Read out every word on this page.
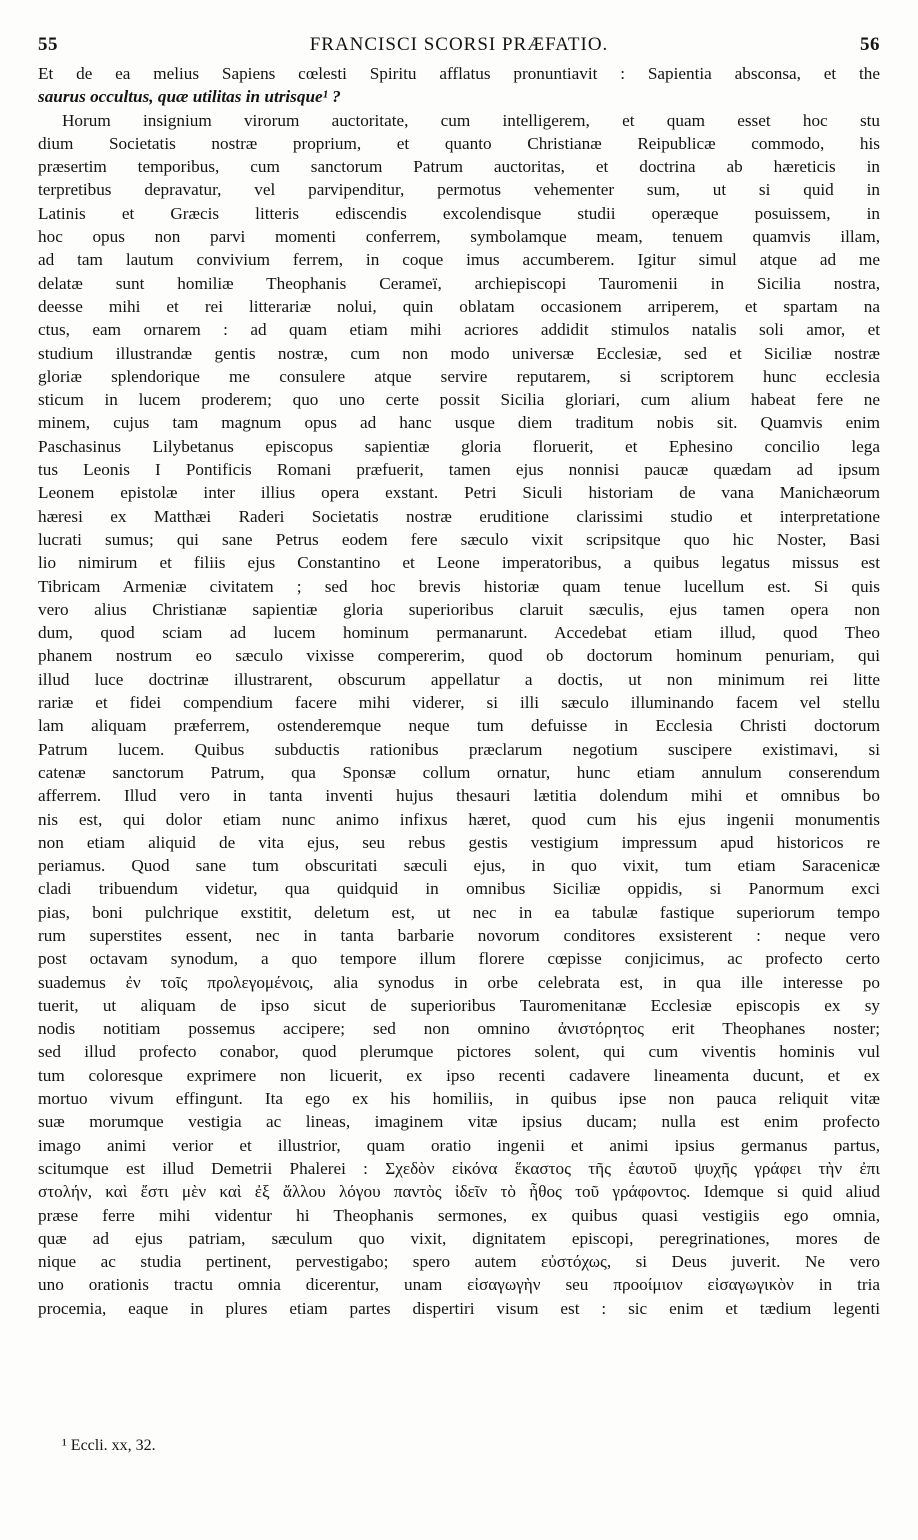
55	FRANCISCI SCORSI PRÆFATIO.	56
Et de ea melius Sapiens cœlesti Spiritu afflatus pronuntiavit : Sapientia absconsa, et the
saurus occultus, quæ utilitas in utrisque¹ ?
Horum insignium virorum auctoritate, cum intelligerem, et quam esset hoc stu
dium Societatis nostræ proprium, et quanto Christianæ Reipublicæ commodo, his
præsertim temporibus, cum sanctorum Patrum auctoritas, et doctrina ab hæreticis in
terpretibus depravatur, vel parvipenditur, permotus vehementer sum, ut si quid in
Latinis et Græcis litteris ediscendis excolendisque studii operæque posuissem, in
hoc opus non parvi momenti conferrem, symbolamque meam, tenuem quamvis illam,
ad tam lautum convivium ferrem, in coque imus accumberem. Igitur simul atque ad me
delatæ sunt homiliæ Theophanis Cerameï, archiepiscopi Tauromenii in Sicilia nostra,
deesse mihi et rei litterariæ nolui, quin oblatam occasionem arriperem, et spartam na
ctus, eam ornarem : ad quam etiam mihi acriores addidit stimulos natalis soli amor, et
studium illustrandæ gentis nostræ, cum non modo universæ Ecclesiæ, sed et Siciliæ nostræ
gloriæ splendorique me consulere atque servire reputarem, si scriptorem hunc ecclesia
sticum in lucem proderem; quo uno certe possit Sicilia gloriari, cum alium habeat fere ne
minem, cujus tam magnum opus ad hanc usque diem traditum nobis sit. Quamvis enim
Paschasinus Lilybetanus episcopus sapientiæ gloria floruerit, et Ephesino concilio lega
tus Leonis I Pontificis Romani præfuerit, tamen ejus nonnisi paucæ quædam ad ipsum
Leonem epistolæ inter illius opera exstant. Petri Siculi historiam de vana Manichæorum
hæresi ex Matthæi Raderi Societatis nostræ eruditione clarissimi studio et interpretatione
lucrati sumus; qui sane Petrus eodem fere sæculo vixit scripsitque quo hic Noster, Basi
lio nimirum et filiis ejus Constantino et Leone imperatoribus, a quibus legatus missus est
Tibricam Armeniæ civitatem ; sed hoc brevis historiæ quam tenue lucellum est. Si quis
vero alius Christianæ sapientiæ gloria superioribus claruit sæculis, ejus tamen opera non
dum, quod sciam ad lucem hominum permanarunt. Accedebat etiam illud, quod Theo
phanem nostrum eo sæculo vixisse compererim, quod ob doctorum hominum penuriam, qui
illud luce doctrinæ illustrarent, obscurum appellatur a doctis, ut non minimum rei litte
rariæ et fidei compendium facere mihi viderer, si illi sæculo illuminando facem vel stellu
lam aliquam præferrem, ostenderemque neque tum defuisse in Ecclesia Christi doctorum
Patrum lucem. Quibus subductis rationibus præclarum negotium suscipere existimavi, si
catenæ sanctorum Patrum, qua Sponsæ collum ornatur, hunc etiam annulum conserendum
afferrem. Illud vero in tanta inventi hujus thesauri lætitia dolendum mihi et omnibus bo
nis est, qui dolor etiam nunc animo infixus hæret, quod cum his ejus ingenii monumentis
non etiam aliquid de vita ejus, seu rebus gestis vestigium impressum apud historicos re
periamus. Quod sane tum obscuritati sæculi ejus, in quo vixit, tum etiam Saracenicæ
cladi tribuendum videtur, qua quidquid in omnibus Siciliæ oppidis, si Panormum exci
pias, boni pulchrique exstitit, deletum est, ut nec in ea tabulæ fastique superiorum tempo
rum superstites essent, nec in tanta barbarie novorum conditores exsisterent : neque vero
post octavam synodum, a quo tempore illum florere cœpisse conjicimus, ac profecto certo
suademus ἐν τοῖς προλεγομένοις, alia synodus in orbe celebrata est, in qua ille interesse po
tuerit, ut aliquam de ipso sicut de superioribus Tauromenitanæ Ecclesiæ episcopis ex sy
nodis notitiam possemus accipere; sed non omnino ἀνιστόρητος erit Theophanes noster;
sed illud profecto conabor, quod plerumque pictores solent, qui cum viventis hominis vul
tum coloresque exprimere non licuerit, ex ipso recenti cadavere lineamenta ducunt, et ex
mortuo vivum effingunt. Ita ego ex his homiliis, in quibus ipse non pauca reliquit vitæ
suæ morumque vestigia ac lineas, imaginem vitæ ipsius ducam; nulla est enim profecto
imago animi verior et illustrior, quam oratio ingenii et animi ipsius germanus partus,
scitumque est illud Demetrii Phalerei : Σχεδὸν εἰκόνα ἕκαστος τῆς ἑαυτοῦ ψυχῆς γράφει τὴν ἐπι
στολήν, καὶ ἔστι μὲν καὶ ἐξ ἄλλου λόγου παντὸς ἰδεῖν τὸ ἦθος τοῦ γράφοντος. Idemque si quid aliud
præse ferre mihi videntur hi Theophanis sermones, ex quibus quasi vestigiis ego omnia,
quæ ad ejus patriam, sæculum quo vixit, dignitatem episcopi, peregrinationes, mores de
nique ac studia pertinent, pervestigabo; spero autem εὐστόχως, si Deus juverit. Ne vero
uno orationis tractu omnia dicerentur, unam εἰσαγωγὴν seu προοίμιον εἰσαγωγικὸν in tria
procemia, eaque in plures etiam partes dispertiri visum est : sic enim et tædium legenti
¹ Eccli. xx, 32.
